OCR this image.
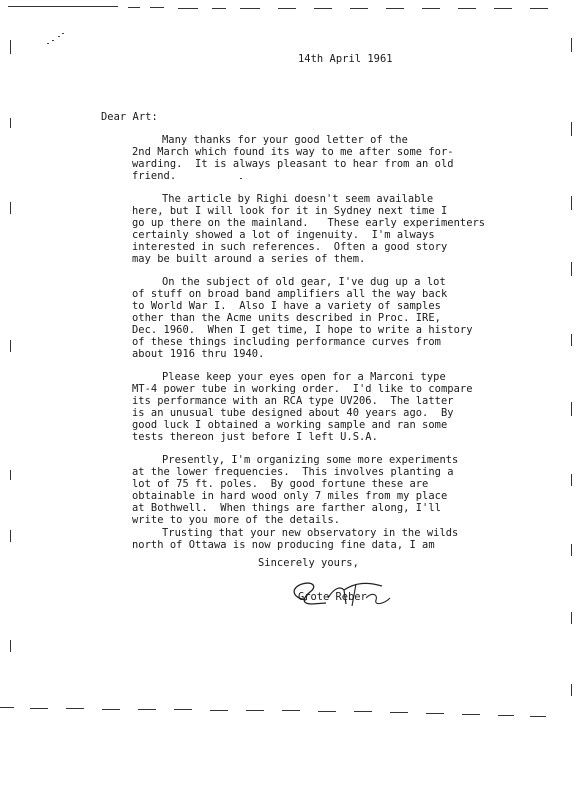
14th April 1961
Dear Art:
Many thanks for your good letter of the
2nd March which found its way to me after some for-
warding.  It is always pleasant to hear from an old
friend.
The article by Righi doesn't seem available
here, but I will look for it in Sydney next time I
go up there on the mainland.   These early experimenters
certainly showed a lot of ingenuity.  I'm always
interested in such references.  Often a good story
may be built around a series of them.
On the subject of old gear, I've dug up a lot
of stuff on broad band amplifiers all the way back
to World War I.  Also I have a variety of samples
other than the Acme units described in Proc. IRE,
Dec. 1960.  When I get time, I hope to write a history
of these things including performance curves from
about 1916 thru 1940.
Please keep your eyes open for a Marconi type
MT-4 power tube in working order.  I'd like to compare
its performance with an RCA type UV206.  The latter
is an unusual tube designed about 40 years ago.  By
good luck I obtained a working sample and ran some
tests thereon just before I left U.S.A.
Presently, I'm organizing some more experiments
at the lower frequencies.  This involves planting a
lot of 75 ft. poles.  By good fortune these are
obtainable in hard wood only 7 miles from my place
at Bothwell.  When things are farther along, I'll
write to you more of the details.
Trusting that your new observatory in the wilds
north of Ottawa is now producing fine data, I am
Sincerely yours,
Grote Reber
